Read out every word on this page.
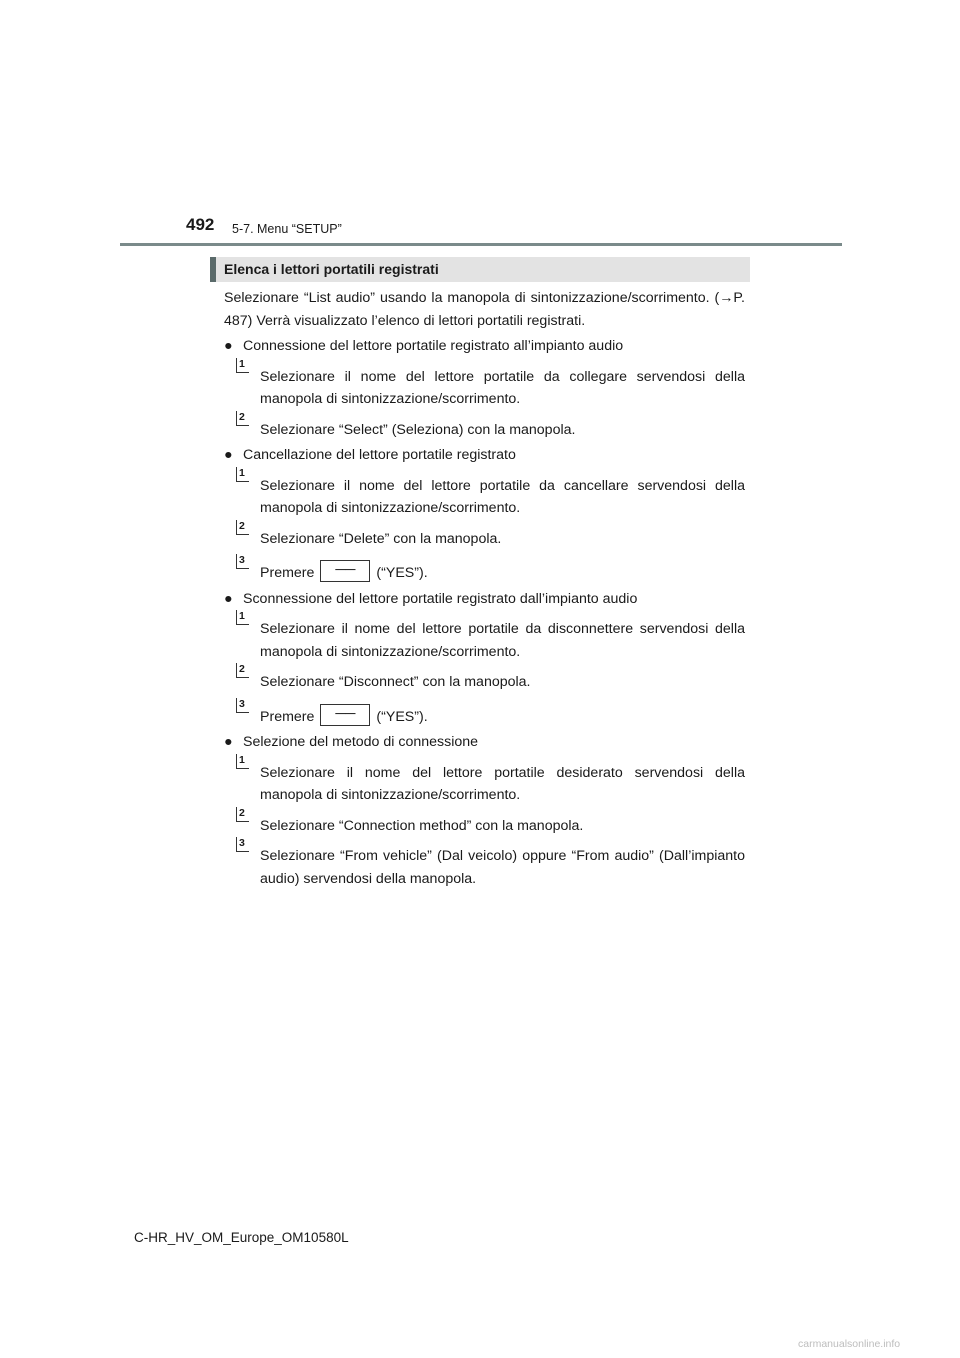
492 5-7. Menu “SETUP”
Elenca i lettori portatili registrati

Selezionare “List audio” usando la manopola di sintonizzazione/scorrimento. (→P. 487) Verrà visualizzato l’elenco di lettori portatili registrati.

● Connessione del lettore portatile registrato all’impianto audio
1
Selezionare il nome del lettore portatile da collegare servendosi della manopola di sintonizzazione/scorrimento.
2
Selezionare “Select” (Seleziona) con la manopola.
● Cancellazione del lettore portatile registrato
1
Selezionare il nome del lettore portatile da cancellare servendosi della manopola di sintonizzazione/scorrimento.
2
Selezionare “Delete” con la manopola.
3
Premere ── (“YES”).
● Sconnessione del lettore portatile registrato dall’impianto audio
1
Selezionare il nome del lettore portatile da disconnettere servendosi della manopola di sintonizzazione/scorrimento.
2
Selezionare “Disconnect” con la manopola.
3
Premere ── (“YES”).
● Selezione del metodo di connessione
1
Selezionare il nome del lettore portatile desiderato servendosi della manopola di sintonizzazione/scorrimento.
2
Selezionare “Connection method” con la manopola.
3
Selezionare “From vehicle” (Dal veicolo) oppure “From audio” (Dall’impianto audio) servendosi della manopola.
C-HR_HV_OM_Europe_OM10580L
carmanualsonline.info
